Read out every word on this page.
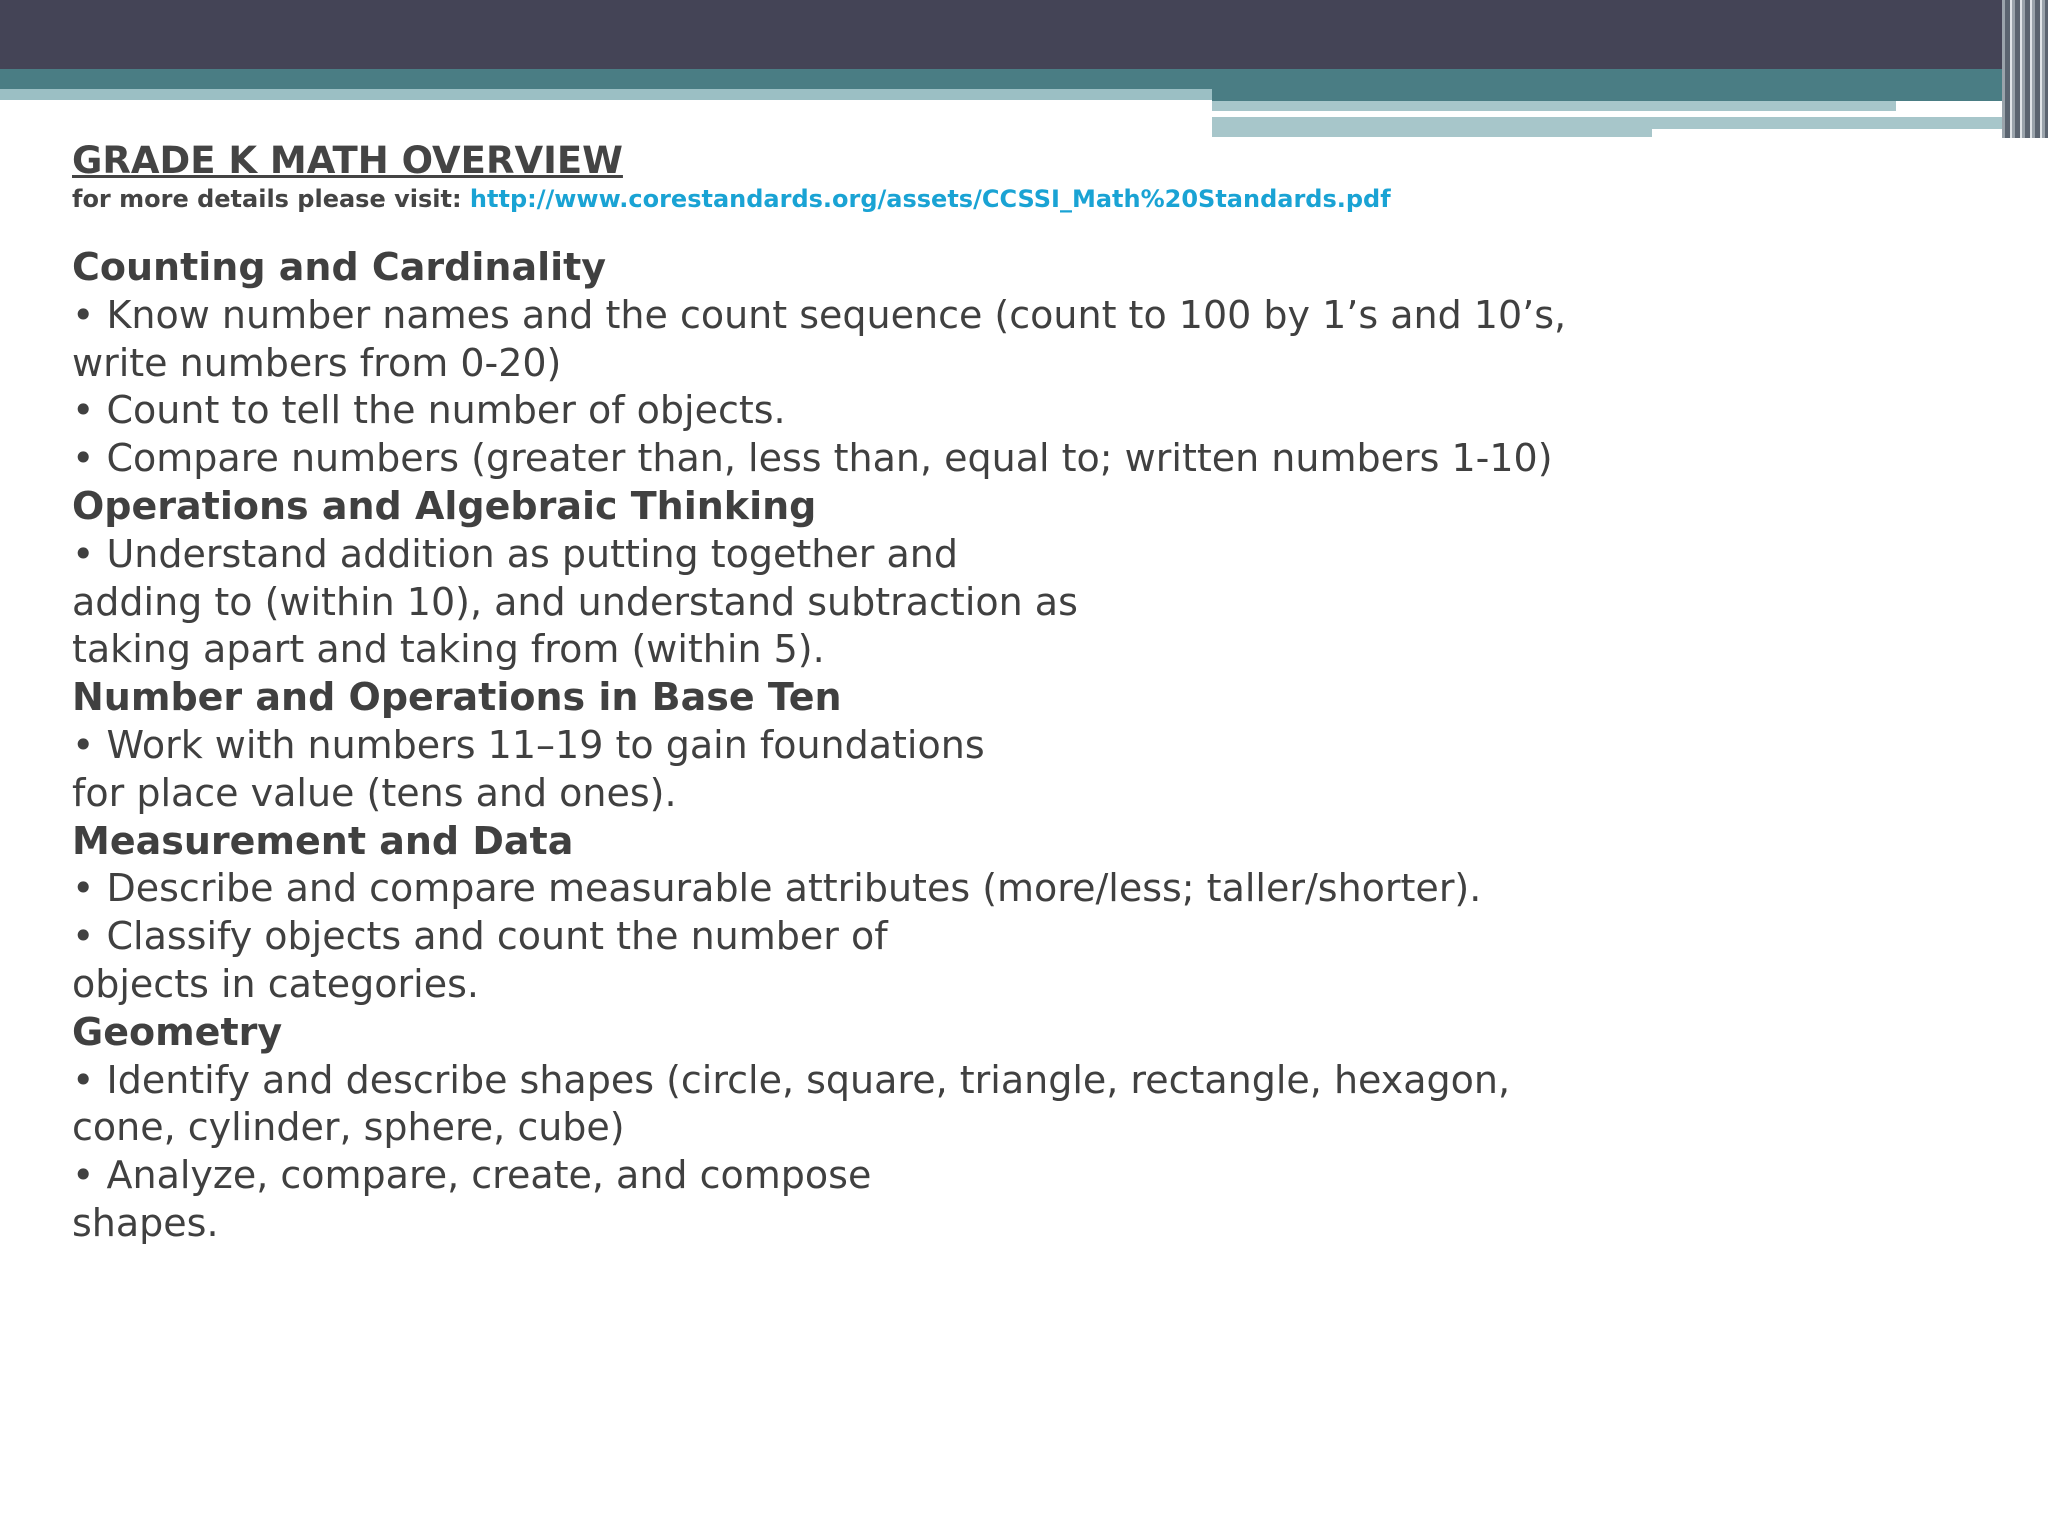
GRADE K MATH OVERVIEW

for more details please visit: http://www.corestandards.org/assets/CCSSI_Math%20Standards.pdf

Counting and Cardinality

• Know number names and the count sequence (count to 100 by 1’s and 10’s,

write numbers from 0-20)

• Count to tell the number of objects.

• Compare numbers (greater than, less than, equal to; written numbers 1-10)

Operations and Algebraic Thinking

• Understand addition as putting together and

adding to (within 10), and understand subtraction as

taking apart and taking from (within 5).

Number and Operations in Base Ten

• Work with numbers 11–19 to gain foundations

for place value (tens and ones).

Measurement and Data

• Describe and compare measurable attributes (more/less; taller/shorter).

• Classify objects and count the number of

objects in categories.

Geometry

• Identify and describe shapes (circle, square, triangle, rectangle, hexagon,

cone, cylinder, sphere, cube)

• Analyze, compare, create, and compose

shapes.
